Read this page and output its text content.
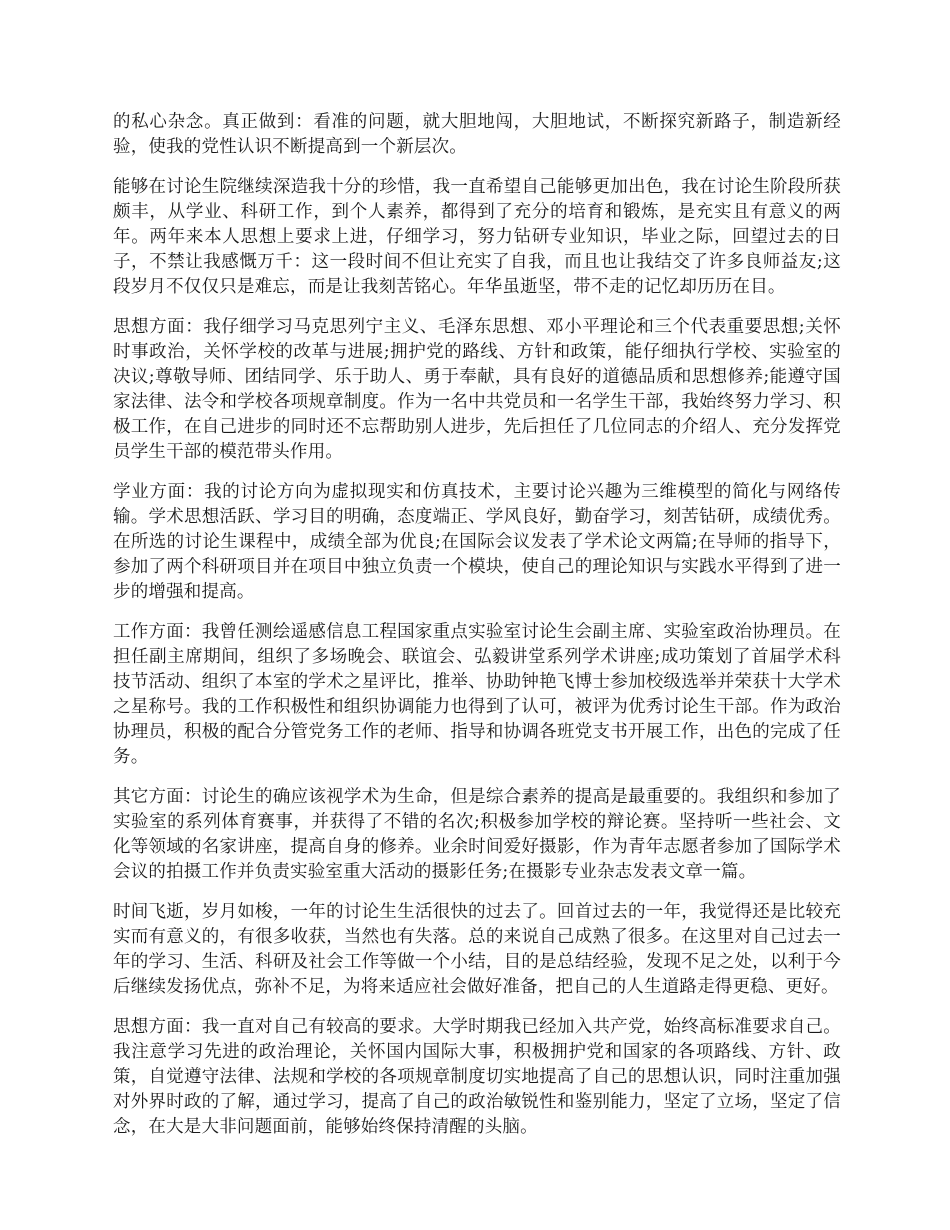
的私心杂念。真正做到：看准的问题，就大胆地闯，大胆地试，不断探究新路子，制造新经验，使我的党性认识不断提高到一个新层次。

能够在讨论生院继续深造我十分的珍惜，我一直希望自己能够更加出色，我在讨论生阶段所获颇丰，从学业、科研工作，到个人素养，都得到了充分的培育和锻炼，是充实且有意义的两年。两年来本人思想上要求上进，仔细学习，努力钻研专业知识，毕业之际，回望过去的日子，不禁让我感慨万千：这一段时间不但让充实了自我，而且也让我结交了许多良师益友;这段岁月不仅仅只是难忘，而是让我刻苦铭心。年华虽逝坚，带不走的记忆却历历在目。

思想方面：我仔细学习马克思列宁主义、毛泽东思想、邓小平理论和三个代表重要思想;关怀时事政治，关怀学校的改革与进展;拥护党的路线、方针和政策，能仔细执行学校、实验室的决议;尊敬导师、团结同学、乐于助人、勇于奉献，具有良好的道德品质和思想修养;能遵守国家法律、法令和学校各项规章制度。作为一名中共党员和一名学生干部，我始终努力学习、积极工作，在自己进步的同时还不忘帮助别人进步，先后担任了几位同志的介绍人、充分发挥党员学生干部的模范带头作用。

学业方面：我的讨论方向为虚拟现实和仿真技术，主要讨论兴趣为三维模型的简化与网络传输。学术思想活跃、学习目的明确，态度端正、学风良好，勤奋学习，刻苦钻研，成绩优秀。在所选的讨论生课程中，成绩全部为优良;在国际会议发表了学术论文两篇;在导师的指导下，参加了两个科研项目并在项目中独立负责一个模块，使自己的理论知识与实践水平得到了进一步的增强和提高。

工作方面：我曾任测绘遥感信息工程国家重点实验室讨论生会副主席、实验室政治协理员。在担任副主席期间，组织了多场晚会、联谊会、弘毅讲堂系列学术讲座;成功策划了首届学术科技节活动、组织了本室的学术之星评比，推举、协助钟艳飞博士参加校级选举并荣获十大学术之星称号。我的工作积极性和组织协调能力也得到了认可，被评为优秀讨论生干部。作为政治协理员，积极的配合分管党务工作的老师、指导和协调各班党支书开展工作，出色的完成了任务。

其它方面：讨论生的确应该视学术为生命，但是综合素养的提高是最重要的。我组织和参加了实验室的系列体育赛事，并获得了不错的名次;积极参加学校的辩论赛。坚持听一些社会、文化等领域的名家讲座，提高自身的修养。业余时间爱好摄影，作为青年志愿者参加了国际学术会议的拍摄工作并负责实验室重大活动的摄影任务;在摄影专业杂志发表文章一篇。

时间飞逝，岁月如梭，一年的讨论生生活很快的过去了。回首过去的一年，我觉得还是比较充实而有意义的，有很多收获，当然也有失落。总的来说自己成熟了很多。在这里对自己过去一年的学习、生活、科研及社会工作等做一个小结，目的是总结经验，发现不足之处，以利于今后继续发扬优点，弥补不足，为将来适应社会做好准备，把自己的人生道路走得更稳、更好。

思想方面：我一直对自己有较高的要求。大学时期我已经加入共产党，始终高标准要求自己。我注意学习先进的政治理论，关怀国内国际大事，积极拥护党和国家的各项路线、方针、政策，自觉遵守法律、法规和学校的各项规章制度切实地提高了自己的思想认识，同时注重加强对外界时政的了解，通过学习，提高了自己的政治敏锐性和鉴别能力，坚定了立场，坚定了信念，在大是大非问题面前，能够始终保持清醒的头脑。
